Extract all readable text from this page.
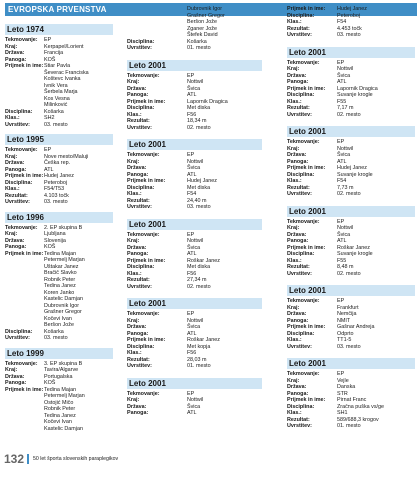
EVROPSKA PRVENSTVA
Leto 1974
Tekmovanje:	EP
Kraj:	Kerpapel/Lorient
Država:	Francija
Panoga:	KOŠ
Prijmek in ime: Stiar Pavla
Ševerac Franciska
Koštevc Ivanka
Ivnik Vera
Šerbela Marja
Kos Vesna
Milinković
Disciplina:	Košarka
Klas.:	SH2
Uvrstitev:	03. mesto
Leto 1995
Tekmovanje:	EP
Kraj:	Nove mesto/Maluji
Država:	Češka rep.
Panoga:	ATL
Prijmek in ime: Hudej Janez
Disciplina:	Peteroboj
Klas.:	F54/T53
Rezultat:	4.103 točk
Uvrstitev:	03. mesto
Leto 1996
Tekmovanje:	2. EP skupina B
Kraj:	Ljubljana
Država:	Slovenija
Panoga:	KOŠ
Prijmek in ime: Tedina Majan
Petermelj Marjan
Uštakar Janez
Bračič Slavko
Robnik Peter
Tedina Janez
Koren Janko
Kastelic Damjan
Dubrovnik Igor
Grašner Gregor
Kočevi Ivan
Beršon Jože
Disciplina:	Košarka
Uvrstitev:	03. mesto
Leto 1999
Tekmovanje:	3. EP skupina B
Kraj:	Tavira/Algarve
Država:	Portugalska
Panoga:	KOŠ
Prijmek in ime: Tedina Majan
Petermelj Marjan
Ostojić Mičo
Robnik Peter
Tedina Janez
Kočevi Ivan
Kastelic Damjan
Dubrovnik Igor
Grašner Gregor
Beršon Jože
Zganer Jože
Štefek David
Disciplina:	Košarka
Uvrstitev:	01. mesto
Leto 2001
Tekmovanje:	EP
Kraj:	Nottwil
Država:	Švica
Panoga:	ATL
Prijmek in ime:	Lapornik Dragica
Disciplina:	Met diska
Klas.:	F56
Rezultat:	18,34 m
Uvrstitev:	02. mesto
Leto 2001
Tekmovanje:	EP
Kraj:	Nottwil
Država:	Švica
Panoga:	ATL
Prijmek in ime:	Hudej Janez
Disciplina:	Met diska
Klas.:	F54
Rezultat:	24,40 m
Uvrstitev:	03. mesto
Leto 2001
Tekmovanje:	EP
Kraj:	Nottwil
Država:	Švica
Panoga:	ATL
Prijmek in ime:	Roškar Janez
Disciplina:	Met diska
Klas.:	F56
Rezultat:	27,34 m
Uvrstitev:	02. mesto
Leto 2001
Tekmovanje:	EP
Kraj:	Nottwil
Država:	Švica
Panoga:	ATL
Prijmek in ime:	Roškar Janez
Disciplina:	Met kopja
Klas.:	F56
Rezultat:	28,03 m
Uvrstitev:	01. mesto
Leto 2001
Tekmovanje:	EP
Kraj:	Nottwil
Država:	Švica
Panoga:	ATL
Prijmek in ime:	Hudej Janez
Disciplina:	Peteroboj
Klas.:	F54
Rezultat:	4.453 točk
Uvrstitev:	03. mesto
Leto 2001
Tekmovanje:	EP
Kraj:	Nottwil
Država:	Švica
Panoga:	ATL
Prijmek in ime:	Lapornik Dragica
Disciplina:	Suvanje krogle
Klas.:	F55
Rezultat:	7,17 m
Uvrstitev:	02. mesto
Leto 2001
Tekmovanje:	EP
Kraj:	Nottwil
Država:	Švica
Panoga:	ATL
Prijmek in ime:	Hudej Janez
Disciplina:	Suvanje krogle
Klas.:	F54
Rezultat:	7,73 m
Uvrstitev:	02. mesto
Leto 2001
Tekmovanje:	EP
Kraj:	Nottwil
Država:	Švica
Panoga:	ATL
Prijmek in ime:	Roškar Janez
Disciplina:	Suvanje krogle
Klas.:	F55
Rezultat:	8,48 m
Uvrstitev:	02. mesto
Leto 2001
Tekmovanje:	EP
Kraj:	Frankfurt
Država:	Nemčija
Panoga:	NMIT
Prijmek in ime:	Gašnar Andreja
Disciplina:	Odprto
Klas.:	TT1-5
Uvrstitev:	03. mesto
Leto 2001
Tekmovanje:	EP
Kraj:	Vejle
Država:	Danska
Panoga:	STR
Prijmek in ime:	Pirnat Franc
Disciplina:	Zračna puška vs/ge
Klas.:	SH1
Rezultat:	589/688,3 krogov
Uvrstitev:	01. mesto
132 50 let športa slovenskih paraplegikov
